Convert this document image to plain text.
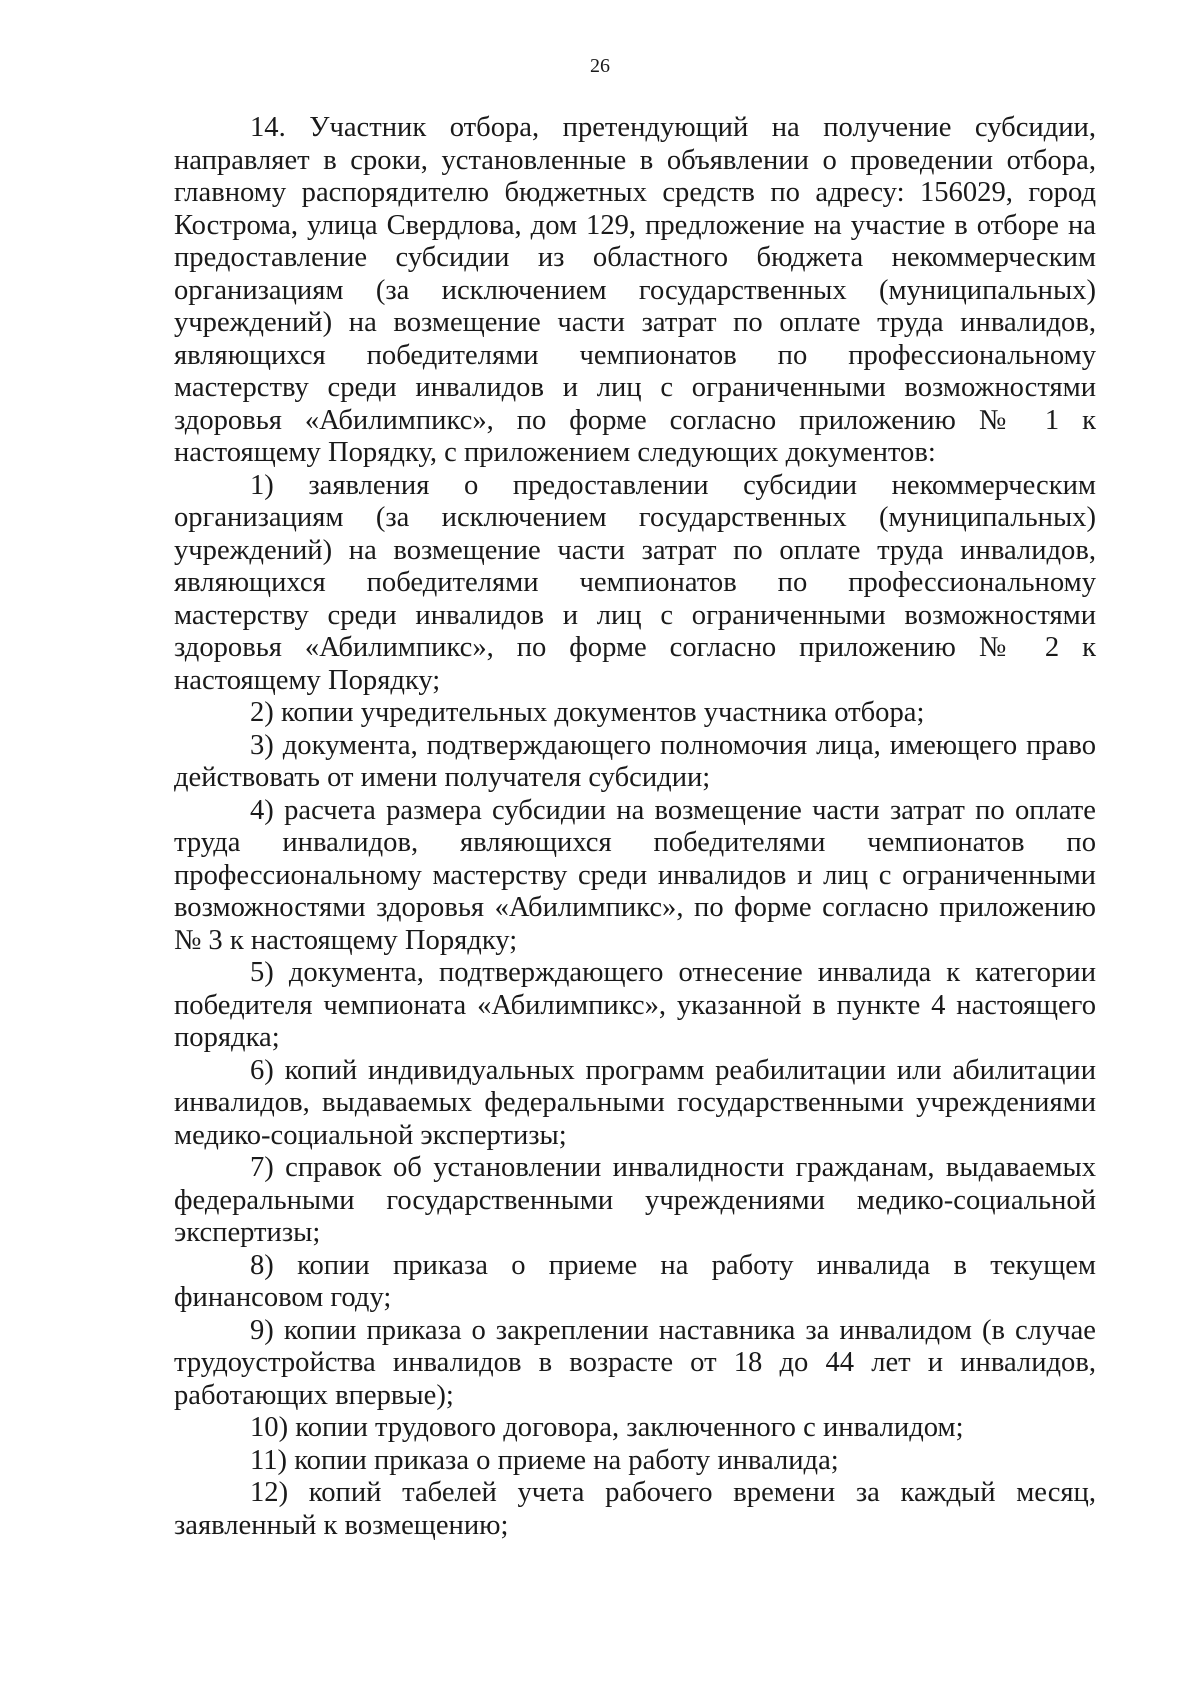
26

14. Участник отбора, претендующий на получение субсидии, направляет в сроки, установленные в объявлении о проведении отбора, главному распорядителю бюджетных средств по адресу: 156029, город Кострома, улица Свердлова, дом 129, предложение на участие в отборе на предоставление субсидии из областного бюджета некоммерческим организациям (за исключением государственных (муниципальных) учреждений) на возмещение части затрат по оплате труда инвалидов, являющихся победителями чемпионатов по профессиональному мастерству среди инвалидов и лиц с ограниченными возможностями здоровья «Абилимпикс», по форме согласно приложению № 1 к настоящему Порядку, с приложением следующих документов:

1) заявления о предоставлении субсидии некоммерческим организациям (за исключением государственных (муниципальных) учреждений) на возмещение части затрат по оплате труда инвалидов, являющихся победителями чемпионатов по профессиональному мастерству среди инвалидов и лиц с ограниченными возможностями здоровья «Абилимпикс», по форме согласно приложению № 2 к настоящему Порядку;

2) копии учредительных документов участника отбора;

3) документа, подтверждающего полномочия лица, имеющего право действовать от имени получателя субсидии;

4) расчета размера субсидии на возмещение части затрат по оплате труда инвалидов, являющихся победителями чемпионатов по профессиональному мастерству среди инвалидов и лиц с ограниченными возможностями здоровья «Абилимпикс», по форме согласно приложению № 3 к настоящему Порядку;

5) документа, подтверждающего отнесение инвалида к категории победителя чемпионата «Абилимпикс», указанной в пункте 4 настоящего порядка;

6) копий индивидуальных программ реабилитации или абилитации инвалидов, выдаваемых федеральными государственными учреждениями медико-социальной экспертизы;

7) справок об установлении инвалидности гражданам, выдаваемых федеральными государственными учреждениями медико-социальной экспертизы;

8) копии приказа о приеме на работу инвалида в текущем финансовом году;

9) копии приказа о закреплении наставника за инвалидом (в случае трудоустройства инвалидов в возрасте от 18 до 44 лет и инвалидов, работающих впервые);

10) копии трудового договора, заключенного с инвалидом;

11) копии приказа о приеме на работу инвалида;

12) копий табелей учета рабочего времени за каждый месяц, заявленный к возмещению;
